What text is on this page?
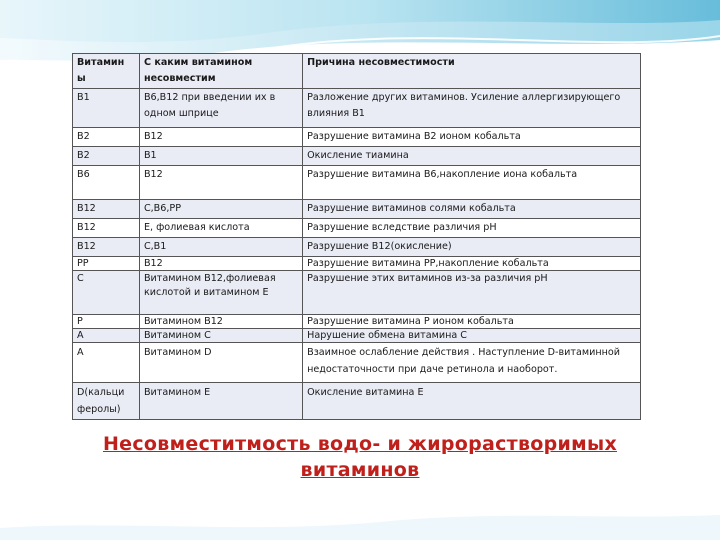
Витамин ы	С каким витамином несовместим	Причина несовместимости
В1	В6,В12 при введении их в одном шприце	Разложение других витаминов. Усиление аллергизирующего влияния В1
В2	В12	Разрушение витамина В2 ионом кобальта
В2	В1	Окисление тиамина
В6	В12	Разрушение витамина В6,накопление иона кобальта
В12	С,В6,РР	Разрушение витаминов солями кобальта
В12	Е, фолиевая кислота	Разрушение вследствие различия рН
В12	С,В1	Разрушение В12(окисление)
РР	В12	Разрушение витамина РР,накопление кобальта
С	Витамином В12,фолиевая кислотой и витамином Е	Разрушение этих витаминов из-за различия рН
Р	Витамином В12	Разрушение витамина Р ионом кобальта
А	Витамином С	Нарушение обмена витамина С
А	Витамином D	Взаимное ослабление действия . Наступление D-витаминной недостаточности при даче ретинола и наоборот.
D(кальци феролы)	Витамином Е	Окисление витамина Е
Несовместитмость водо- и жирорастворимых
витаминов
